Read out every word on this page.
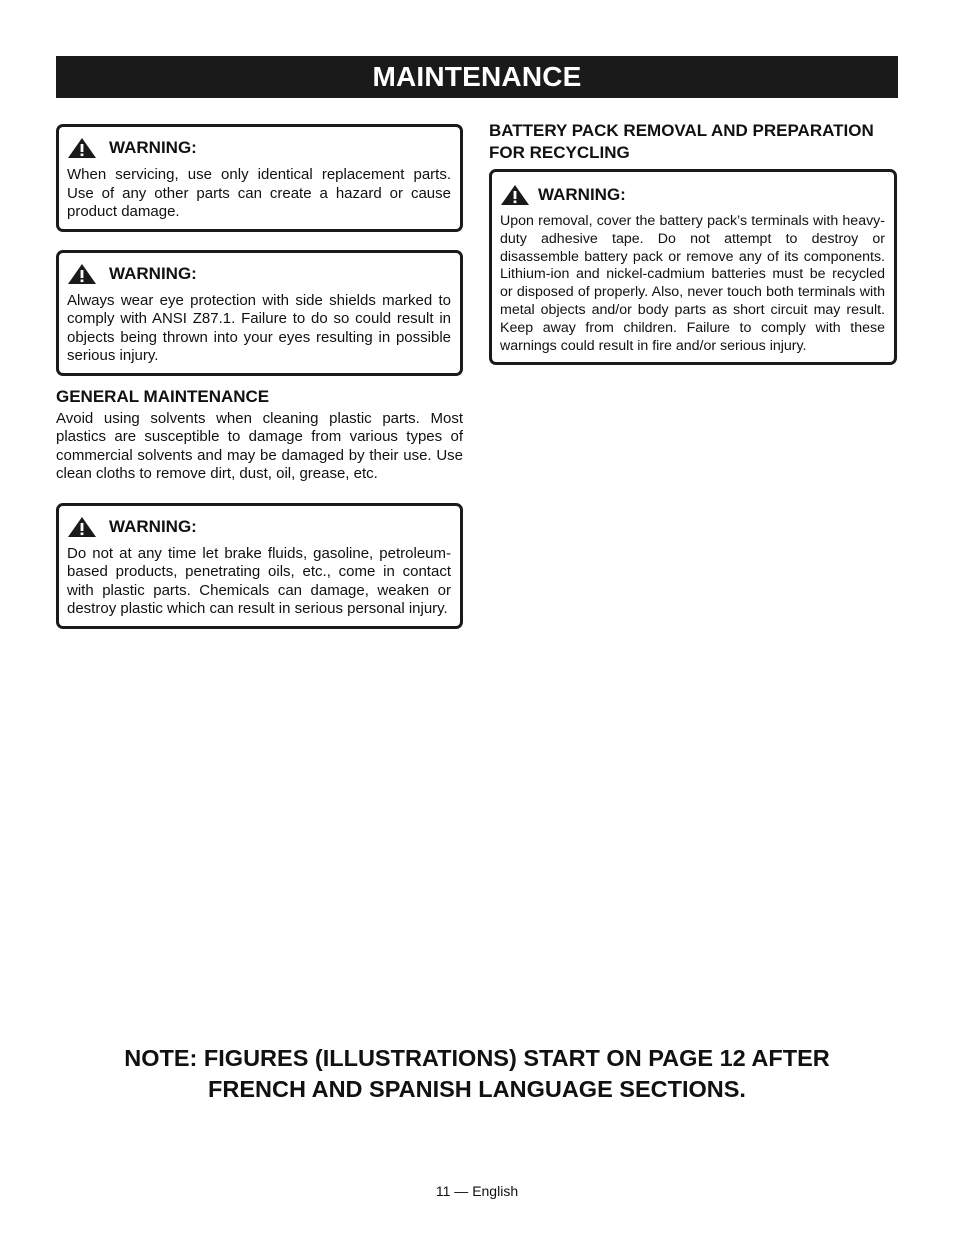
MAINTENANCE
WARNING:

When servicing, use only identical replacement parts. Use of any other parts can create a hazard or cause product damage.

WARNING:

Always wear eye protection with side shields marked to comply with ANSI Z87.1. Failure to do so could result in objects being thrown into your eyes resulting in possible serious injury.

GENERAL MAINTENANCE

Avoid using solvents when cleaning plastic parts. Most plastics are susceptible to damage from various types of commercial solvents and may be damaged by their use. Use clean cloths to remove dirt, dust, oil, grease, etc.

WARNING:

Do not at any time let brake fluids, gasoline, petroleum-based products, penetrating oils, etc., come in contact with plastic parts. Chemicals can damage, weaken or destroy plastic which can result in serious personal injury.

BATTERY PACK REMOVAL AND PREPARATION
FOR RECYCLING
WARNING:

Upon removal, cover the battery pack’s terminals with heavy-duty adhesive tape. Do not attempt to destroy or disassemble battery pack or remove any of its components. Lithium-ion and nickel-cadmium batteries must be recycled or disposed of properly. Also, never touch both terminals with metal objects and/or body parts as short circuit may result. Keep away from children. Failure to comply with these warnings could result in fire and/or serious injury.

NOTE: FIGURES (ILLUSTRATIONS) START ON PAGE 12 AFTER
FRENCH AND SPANISH LANGUAGE SECTIONS.
11 — English
